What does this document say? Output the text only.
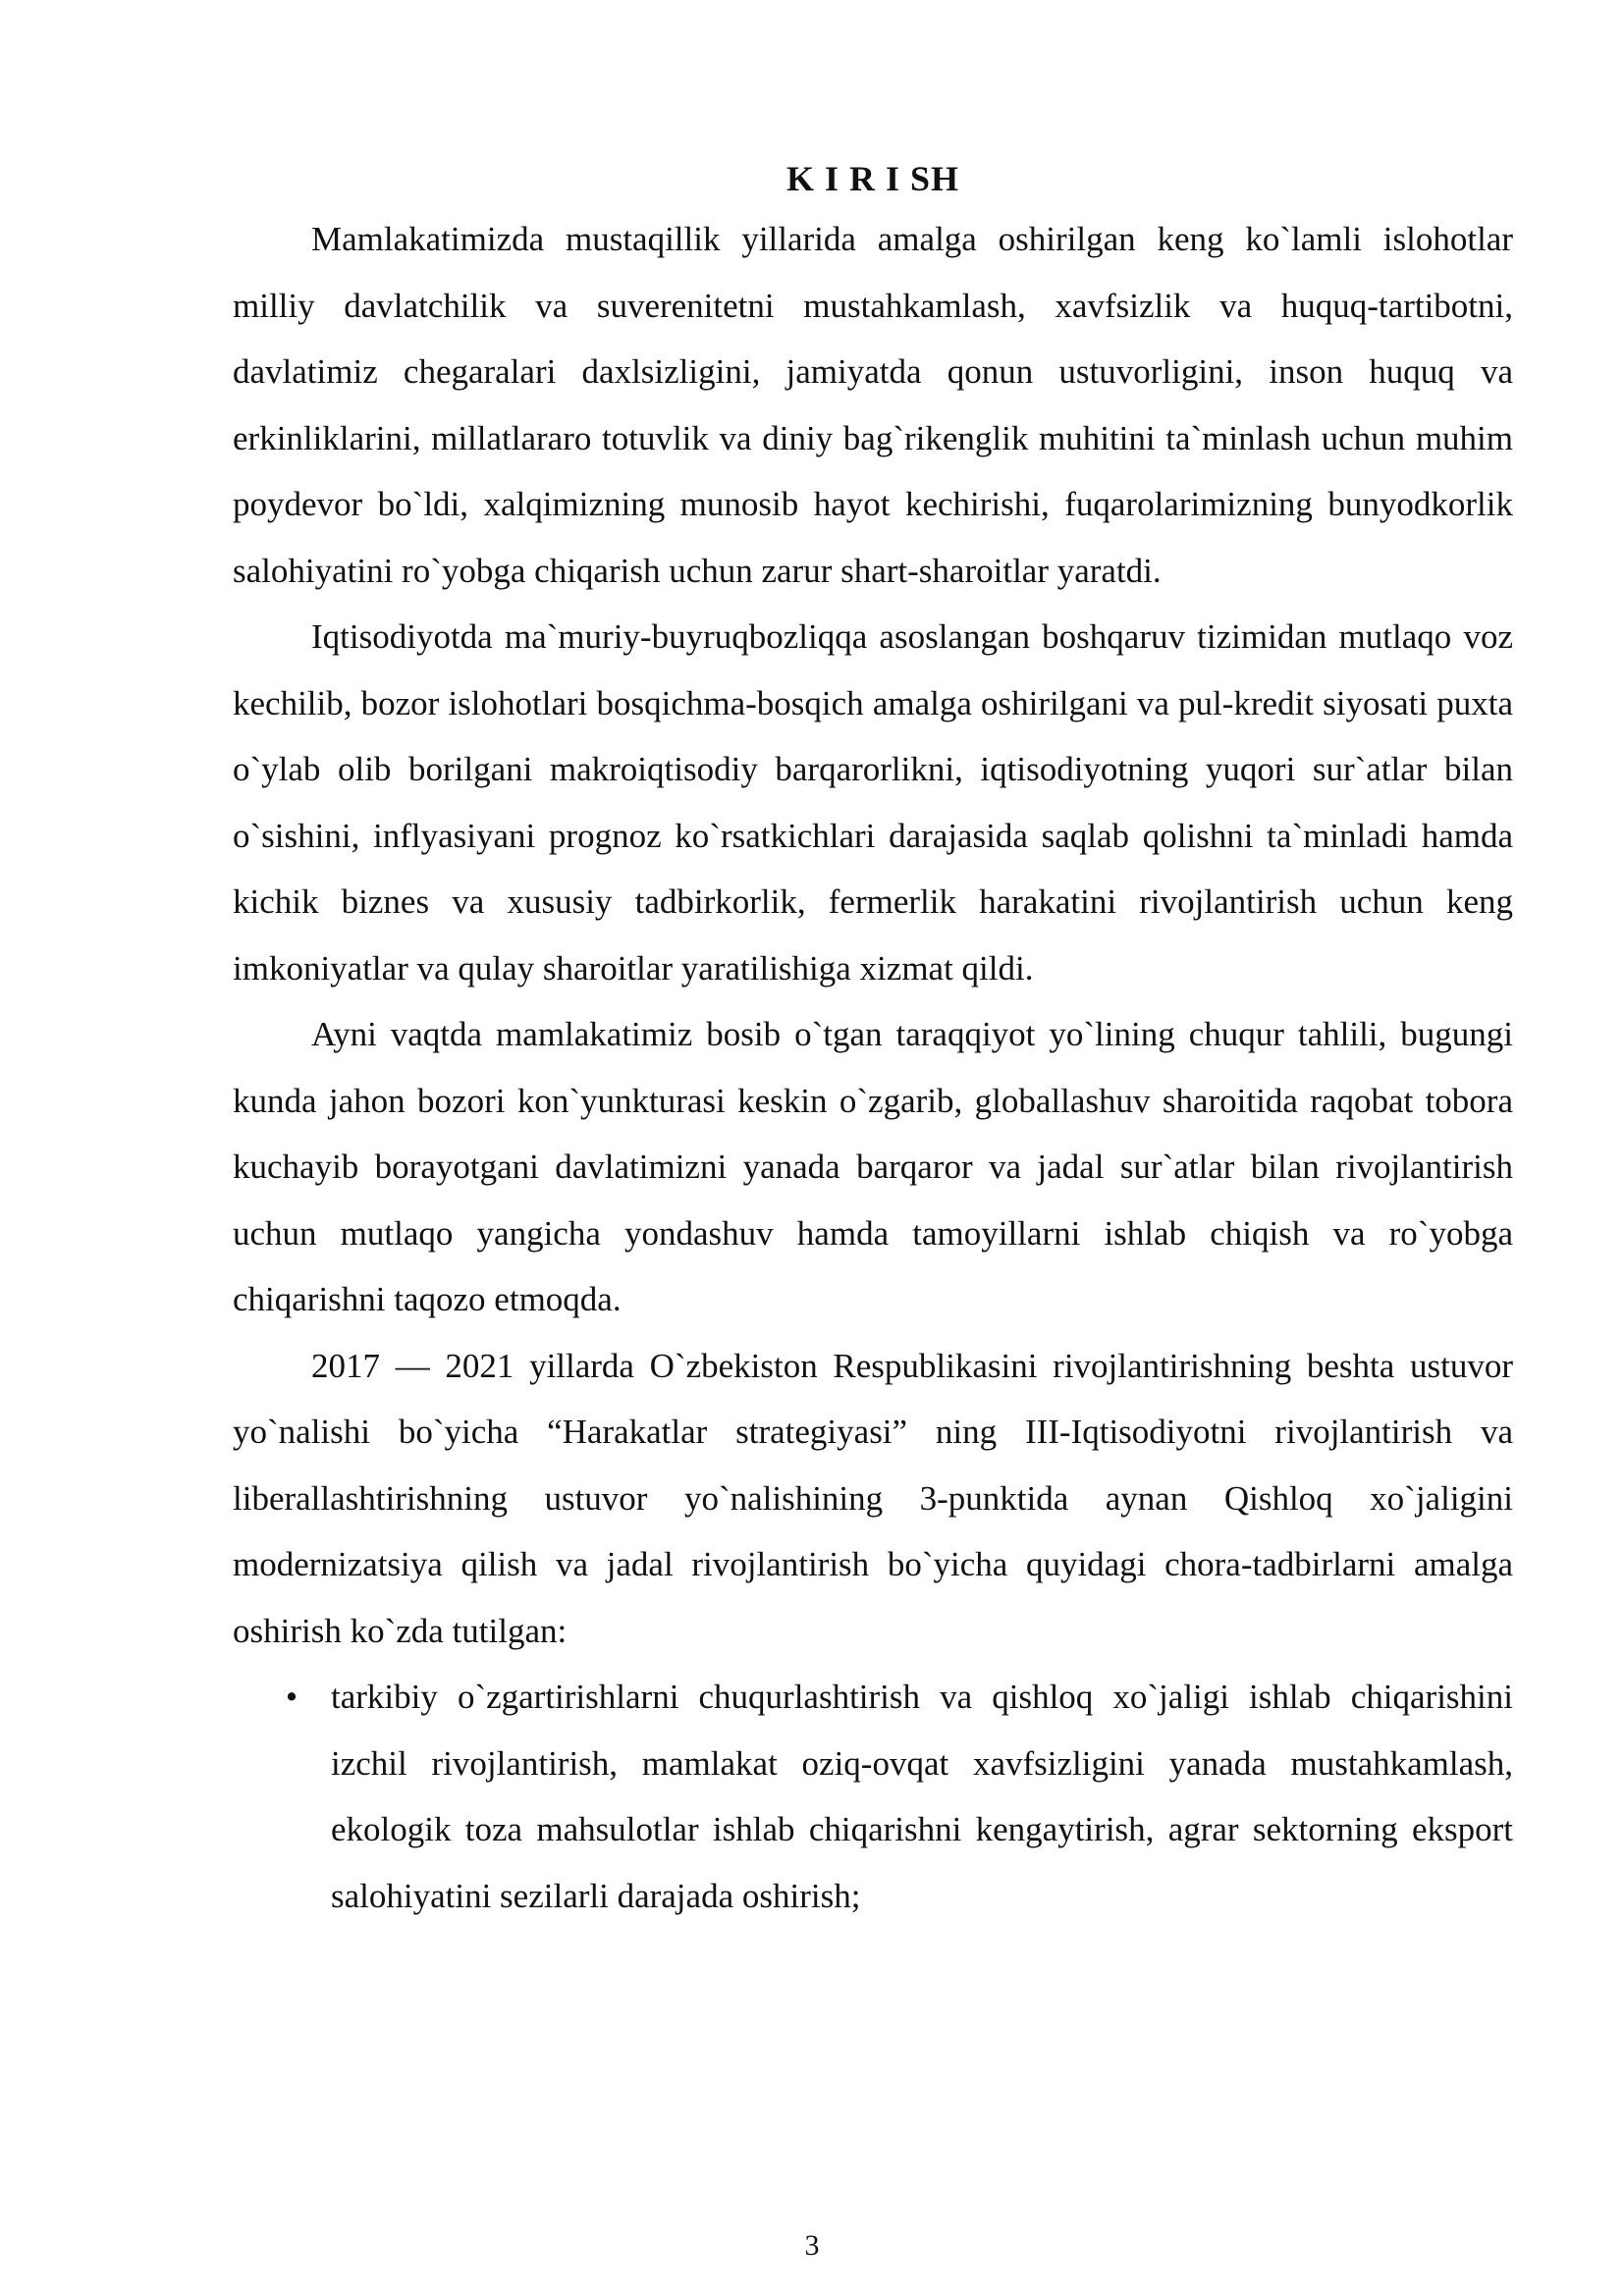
K I R I SH

Mamlakatimizda mustaqillik yillarida amalga oshirilgan keng ko`lamli islohotlar milliy davlatchilik va suverenitetni mustahkamlash, xavfsizlik va huquq-tartibotni, davlatimiz chegaralari daxlsizligini, jamiyatda qonun ustuvorligini, inson huquq va erkinliklarini, millatlararo totuvlik va diniy bag`rikenglik muhitini ta`minlash uchun muhim poydevor bo`ldi, xalqimizning munosib hayot kechirishi, fuqarolarimizning bunyodkorlik salohiyatini ro`yobga chiqarish uchun zarur shart-sharoitlar yaratdi.

Iqtisodiyotda ma`muriy-buyruqbozliqqa asoslangan boshqaruv tizimidan mutlaqo voz kechilib, bozor islohotlari bosqichma-bosqich amalga oshirilgani va pul-kredit siyosati puxta o`ylab olib borilgani makroiqtisodiy barqarorlikni, iqtisodiyotning yuqori sur`atlar bilan o`sishini, inflyasiyani prognoz ko`rsatkichlari darajasida saqlab qolishni ta`minladi hamda kichik biznes va xususiy tadbirkorlik, fermerlik harakatini rivojlantirish uchun keng imkoniyatlar va qulay sharoitlar yaratilishiga xizmat qildi.

Ayni vaqtda mamlakatimiz bosib o`tgan taraqqiyot yo`lining chuqur tahlili, bugungi kunda jahon bozori kon`yunkturasi keskin o`zgarib, globallashuv sharoitida raqobat tobora kuchayib borayotgani davlatimizni yanada barqaror va jadal sur`atlar bilan rivojlantirish uchun mutlaqo yangicha yondashuv hamda tamoyillarni ishlab chiqish va ro`yobga chiqarishni taqozo etmoqda.

2017 — 2021 yillarda O`zbekiston Respublikasini rivojlantirishning beshta ustuvor yo`nalishi bo`yicha “Harakatlar strategiyasi” ning III-Iqtisodiyotni rivojlantirish va liberallashtirishning ustuvor yo`nalishining 3-punktida aynan Qishloq xo`jaligini modernizatsiya qilish va jadal rivojlantirish bo`yicha quyidagi chora-tadbirlarni amalga oshirish ko`zda tutilgan:

• tarkibiy o`zgartirishlarni chuqurlashtirish va qishloq xo`jaligi ishlab chiqarishini izchil rivojlantirish, mamlakat oziq-ovqat xavfsizligini yanada mustahkamlash, ekologik toza mahsulotlar ishlab chiqarishni kengaytirish, agrar sektorning eksport salohiyatini sezilarli darajada oshirish;
3
